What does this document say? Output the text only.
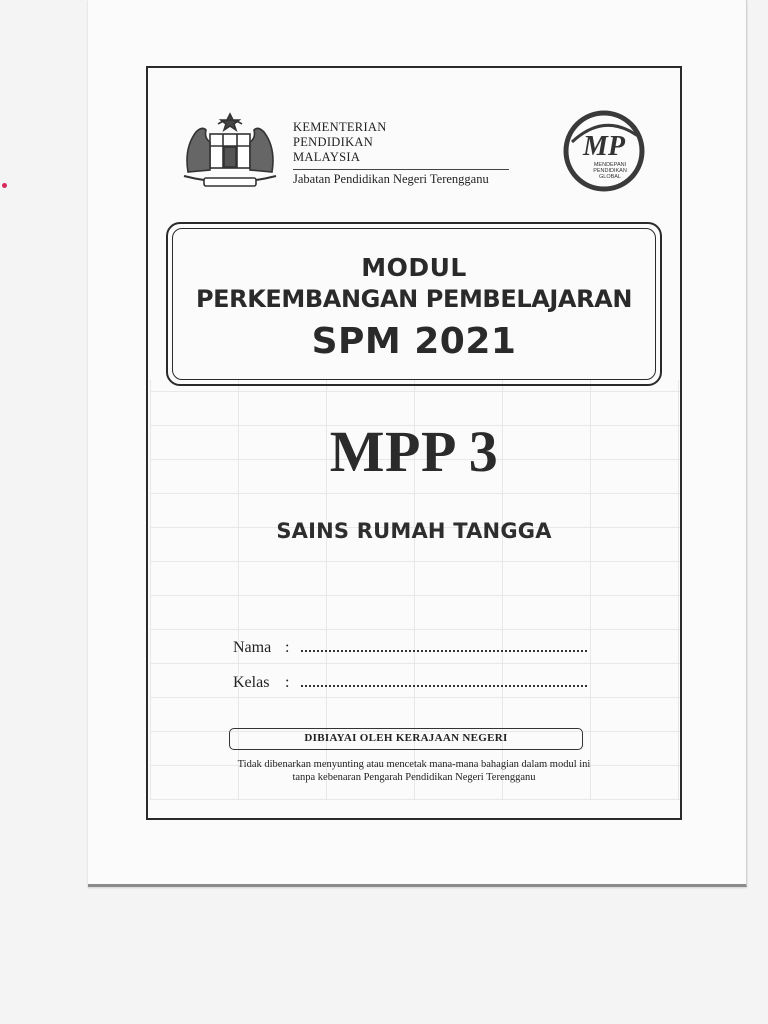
KEMENTERIAN
PENDIDIKAN
MALAYSIA
Jabatan Pendidikan Negeri Terengganu
MP
MENDEPANI
PENDIDIKAN
GLOBAL
MODUL
PERKEMBANGAN PEMBELAJARAN
SPM 2021
MPP 3
SAINS RUMAH TANGGA
Nama :
Kelas :
DIBIAYAI OLEH KERAJAAN NEGERI
Tidak dibenarkan menyunting atau mencetak mana-mana bahagian dalam modul ini
tanpa kebenaran Pengarah Pendidikan Negeri Terengganu
